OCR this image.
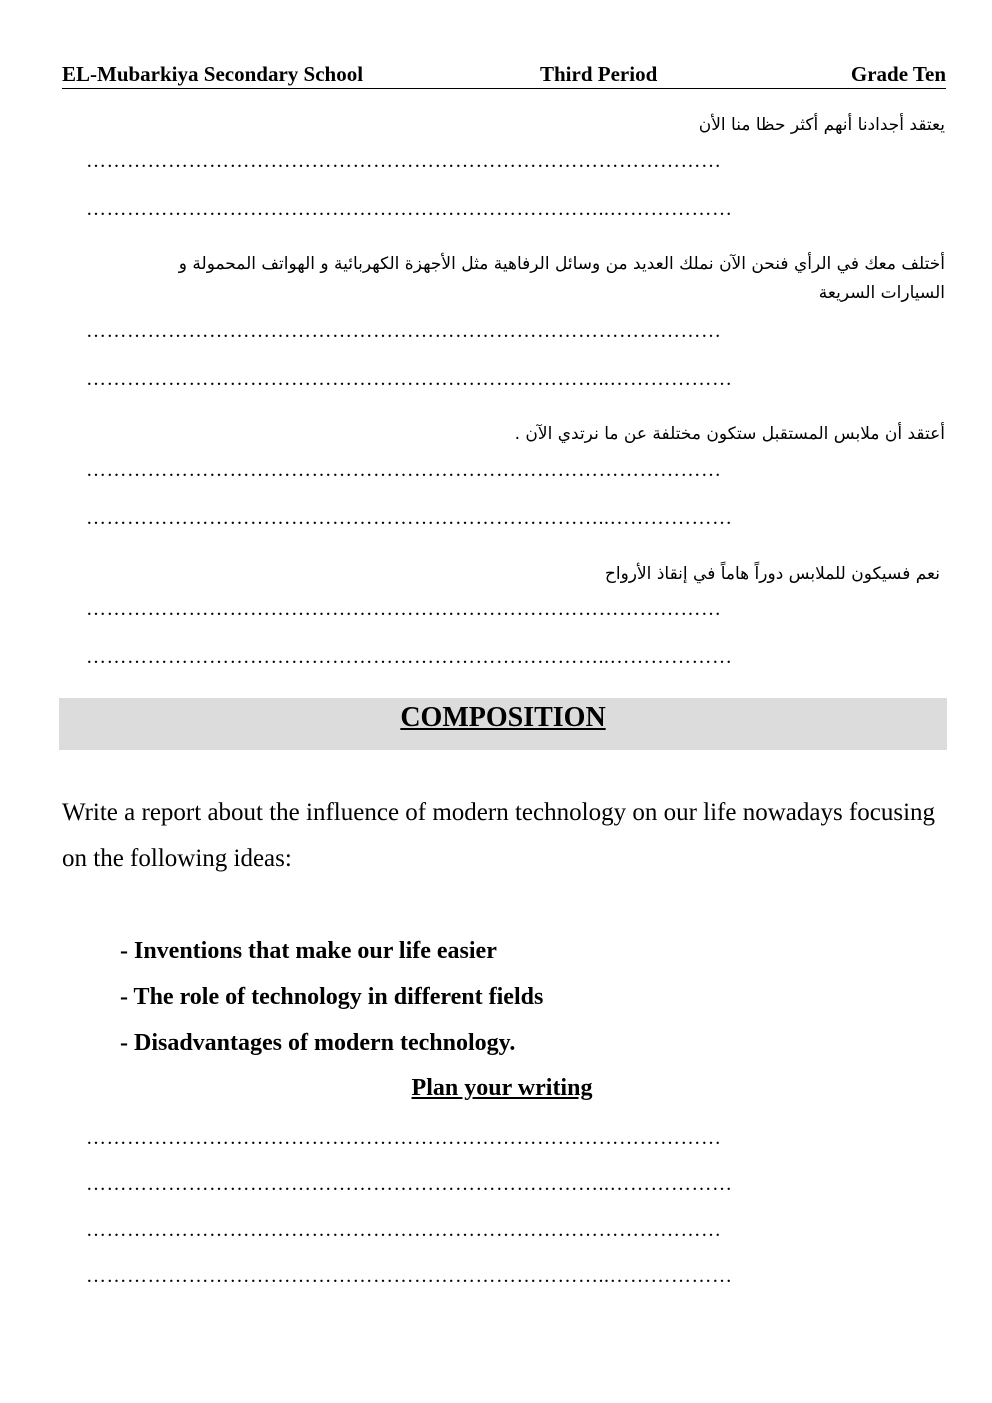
EL-Mubarkiya Secondary School	Third Period	Grade Ten
يعتقد أجدادنا أنهم أكثر حظا منا الأن
…………………………………………………………………………………
…………………………………………………………………..………………
أختلف معك في الرأي فنحن الآن نملك العديد من وسائل الرفاهية مثل الأجهزة الكهربائية و الهواتف المحمولة و السيارات السريعة
…………………………………………………………………………………
…………………………………………………………………..………………
أعتقد أن ملابس المستقبل ستكون مختلفة عن ما نرتدي الآن .
…………………………………………………………………………………
…………………………………………………………………..………………
نعم فسيكون للملابس دوراً هاماً في إنقاذ الأرواح
…………………………………………………………………………………
…………………………………………………………………..………………
COMPOSITION
Write a report about the influence of modern technology on our life nowadays focusing on the following ideas:
- Inventions that make our life easier
- The role of technology in different fields
- Disadvantages of modern technology.
Plan your writing
…………………………………………………………………………………
…………………………………………………………………..………………
…………………………………………………………………………………
…………………………………………………………………..………………
